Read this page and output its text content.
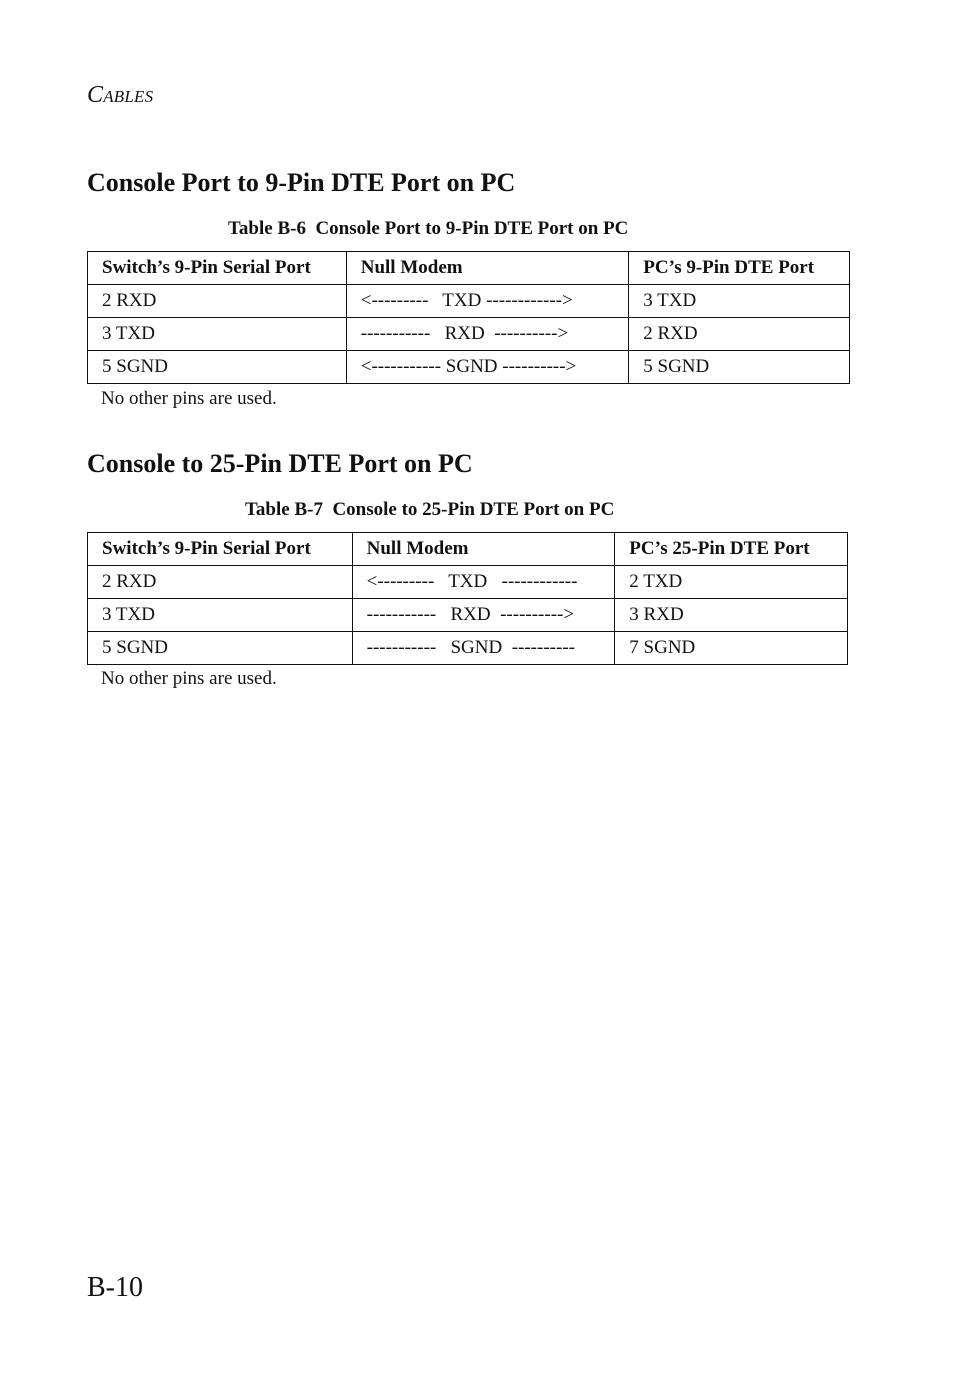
CABLES
Console Port to 9-Pin DTE Port on PC

Table B-6  Console Port to 9-Pin DTE Port on PC

Switch’s 9-Pin Serial Port	Null Modem	PC’s 9-Pin DTE Port
2 RXD	<---------   TXD ------------>	3 TXD
3 TXD	-----------   RXD  ---------->	2 RXD
5 SGND	<----------- SGND ---------->	5 SGND

No other pins are used.

Console to 25-Pin DTE Port on PC

Table B-7  Console to 25-Pin DTE Port on PC

Switch’s 9-Pin Serial Port	Null Modem	PC’s 25-Pin DTE Port
2 RXD	<---------   TXD   ------------	2 TXD
3 TXD	-----------   RXD  ---------->	3 RXD
5 SGND	-----------   SGND  ----------	7 SGND

No other pins are used.

B-10
